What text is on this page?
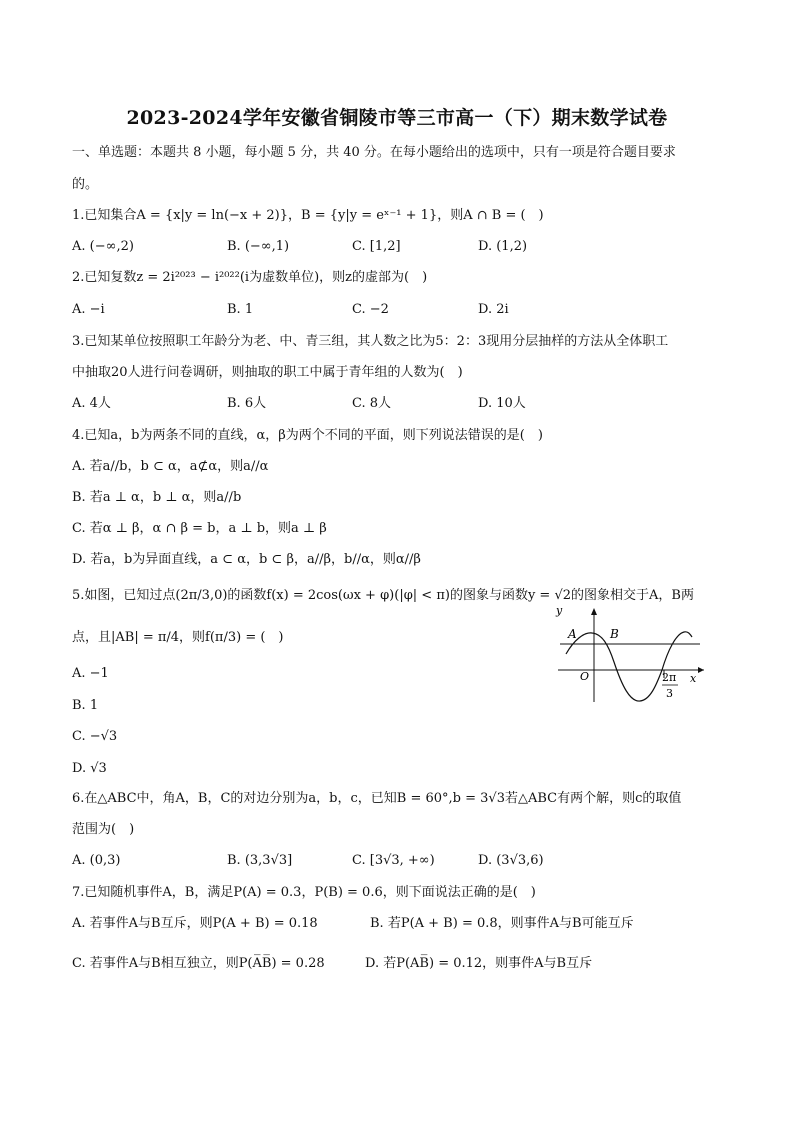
2023-2024学年安徽省铜陵市等三市高一（下）期末数学试卷
一、单选题：本题共 8 小题，每小题 5 分，共 40 分。在每小题给出的选项中，只有一项是符合题目要求
的。
1.已知集合A = {x|y = ln(−x + 2)}，B = {y|y = eˣ⁻¹ + 1}，则A ∩ B = (　)
A. (−∞,2)	B. (−∞,1)	C. [1,2]	D. (1,2)
2.已知复数z = 2i²⁰²³ − i²⁰²²(i为虚数单位)，则z的虚部为(　)
A. −i	B. 1	C. −2	D. 2i
3.已知某单位按照职工年龄分为老、中、青三组，其人数之比为5：2：3现用分层抽样的方法从全体职工
中抽取20人进行问卷调研，则抽取的职工中属于青年组的人数为(　)
A. 4人	B. 6人	C. 8人	D. 10人
4.已知a，b为两条不同的直线，α，β为两个不同的平面，则下列说法错误的是(　)
A. 若a//b，b ⊂ α，a⊄α，则a//α
B. 若a ⊥ α，b ⊥ α，则a//b
C. 若α ⊥ β，α ∩ β = b，a ⊥ b，则a ⊥ β
D. 若a，b为异面直线，a ⊂ α，b ⊂ β，a//β，b//α，则α//β
5.如图，已知过点(2π/3,0)的函数f(x) = 2cos(ωx + φ)(|φ| < π)的图象与函数y = √2的图象相交于A，B两
点，且|AB| = π/4，则f(π/3) = (　)
A. −1
B. 1
C. −√3
D. √3
y
x
O
A	B
2π
3
6.在△ABC中，角A，B，C的对边分别为a，b，c，已知B = 60°,b = 3√3若△ABC有两个解，则c的取值
范围为(　)
A. (0,3)	B. (3,3√3]	C. [3√3, +∞)	D. (3√3,6)
7.已知随机事件A，B，满足P(A) = 0.3，P(B) = 0.6，则下面说法正确的是(　)
A. 若事件A与B互斥，则P(A + B) = 0.18	B. 若P(A + B) = 0.8，则事件A与B可能互斥
C. 若事件A与B相互独立，则P(A̅B̅) = 0.28	D. 若P(AB̅) = 0.12，则事件A与B互斥
